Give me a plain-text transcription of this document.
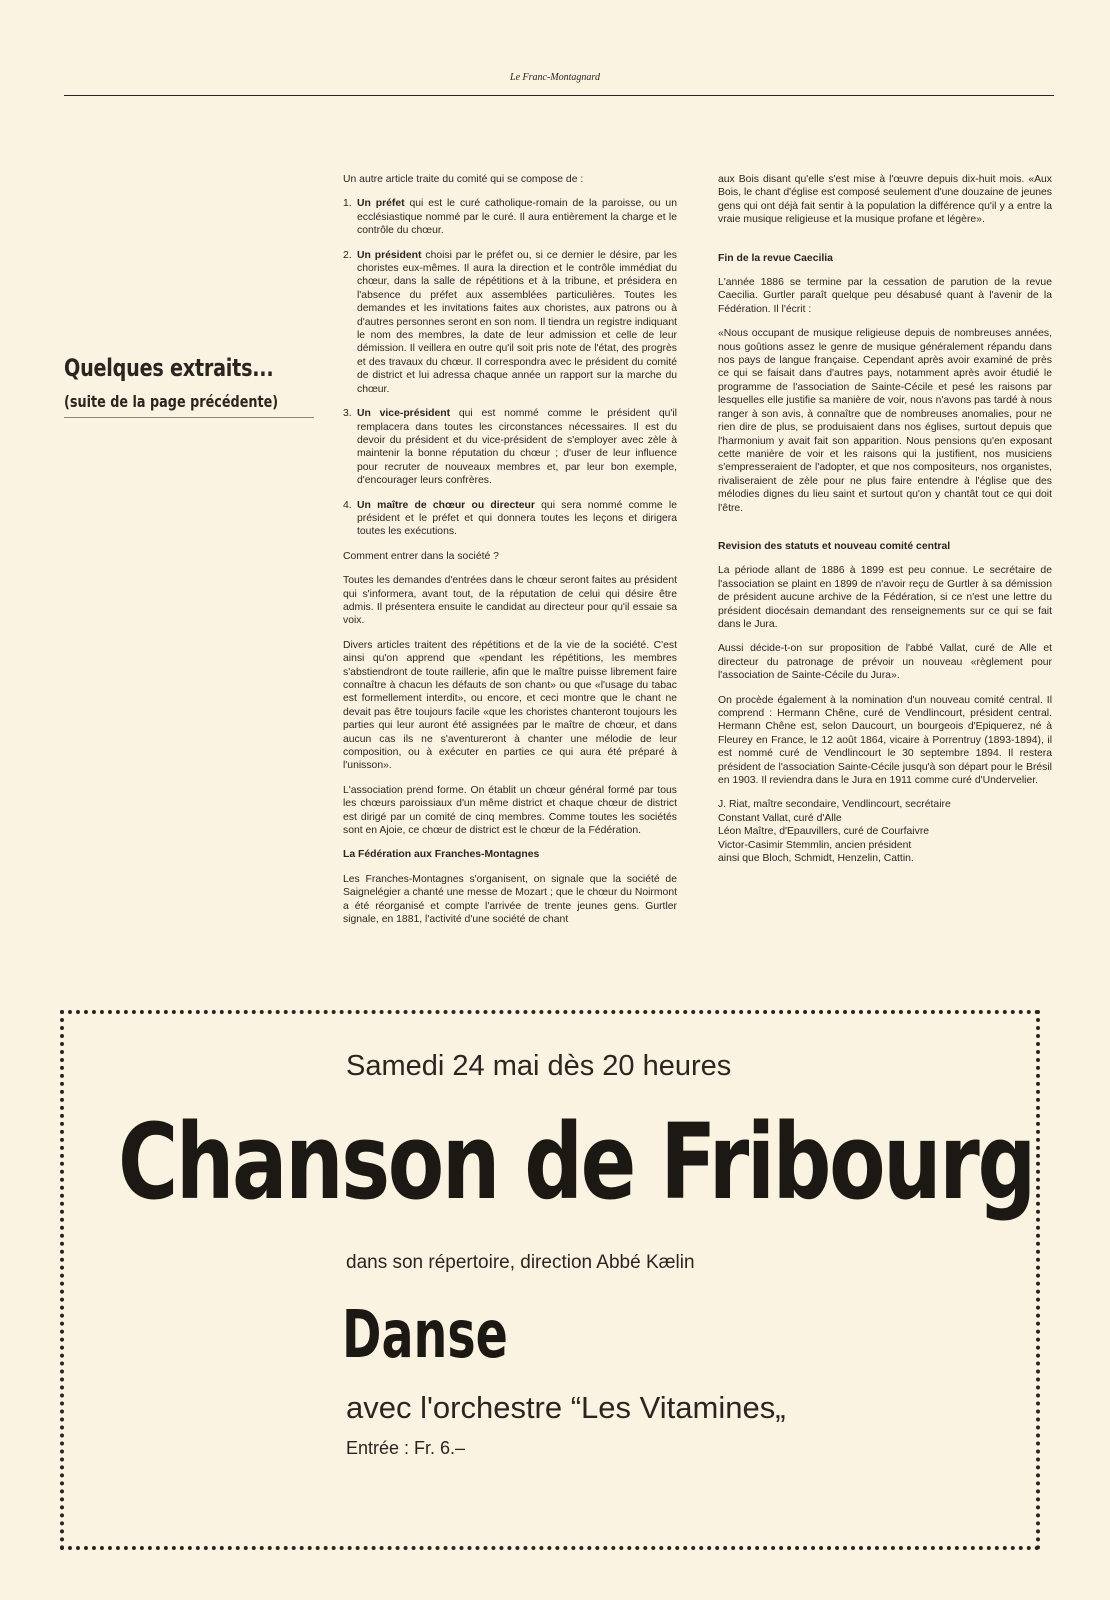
Le Franc-Montagnard
Quelques extraits...
(suite de la page précédente)

Un autre article traite du comité qui se compose de :

1. Un préfet qui est le curé catholique-romain de la paroisse, ou un ecclésiastique nommé par le curé. Il aura entièrement la charge et le contrôle du chœur.
2. Un président choisi par le préfet ou, si ce dernier le désire, par les choristes eux-mêmes. Il aura la direction et le contrôle immédiat du chœur, dans la salle de répétitions et à la tribune, et présidera en l'absence du préfet aux assemblées particulières. Toutes les demandes et les invitations faites aux choristes, aux patrons ou à d'autres personnes seront en son nom. Il tiendra un registre indiquant le nom des membres, la date de leur admission et celle de leur démission. Il veillera en outre qu'il soit pris note de l'état, des progrès et des travaux du chœur. Il correspondra avec le président du comité de district et lui adressa chaque année un rapport sur la marche du chœur.
3. Un vice-président qui est nommé comme le président qu'il remplacera dans toutes les circonstances nécessaires. Il est du devoir du président et du vice-président de s'employer avec zèle à maintenir la bonne réputation du chœur ; d'user de leur influence pour recruter de nouveaux membres et, par leur bon exemple, d'encourager leurs confrères.
4. Un maître de chœur ou directeur qui sera nommé comme le président et le préfet et qui donnera toutes les leçons et dirigera toutes les exécutions.

Comment entrer dans la société ?

Toutes les demandes d'entrées dans le chœur seront faites au président qui s'informera, avant tout, de la réputation de celui qui désire être admis. Il présentera ensuite le candidat au directeur pour qu'il essaie sa voix.

Divers articles traitent des répétitions et de la vie de la société. C'est ainsi qu'on apprend que «pendant les répétitions, les membres s'abstiendront de toute raillerie, afin que le maître puisse librement faire connaître à chacun les défauts de son chant» ou que «l'usage du tabac est formellement interdit», ou encore, et ceci montre que le chant ne devait pas être toujours facile «que les choristes chanteront toujours les parties qui leur auront été assignées par le maître de chœur, et dans aucun cas ils ne s'aventureront à chanter une mélodie de leur composition, ou à exécuter en parties ce qui aura été préparé à l'unisson».

L'association prend forme. On établit un chœur général formé par tous les chœurs paroissiaux d'un même district et chaque chœur de district est dirigé par un comité de cinq membres. Comme toutes les sociétés sont en Ajoie, ce chœur de district est le chœur de la Fédération.

La Fédération aux Franches-Montagnes

Les Franches-Montagnes s'organisent, on signale que la société de Saignelégier a chanté une messe de Mozart ; que le chœur du Noirmont a été réorganisé et compte l'arrivée de trente jeunes gens. Gurtler signale, en 1881, l'activité d'une société de chant

aux Bois disant qu'elle s'est mise à l'œuvre depuis dix-huit mois. «Aux Bois, le chant d'église est composé seulement d'une douzaine de jeunes gens qui ont déjà fait sentir à la population la différence qu'il y a entre la vraie musique religieuse et la musique profane et légère».

Fin de la revue Caecilia

L'année 1886 se termine par la cessation de parution de la revue Caecilia. Gurtler paraît quelque peu désabusé quant à l'avenir de la Fédération. Il l'écrit :

«Nous occupant de musique religieuse depuis de nombreuses années, nous goûtions assez le genre de musique généralement répandu dans nos pays de langue française. Cependant après avoir examiné de près ce qui se faisait dans d'autres pays, notamment après avoir étudié le programme de l'association de Sainte-Cécile et pesé les raisons par lesquelles elle justifie sa manière de voir, nous n'avons pas tardé à nous ranger à son avis, à connaître que de nombreuses anomalies, pour ne rien dire de plus, se produisaient dans nos églises, surtout depuis que l'harmonium y avait fait son apparition. Nous pensions qu'en exposant cette manière de voir et les raisons qui la justifient, nos musiciens s'empresseraient de l'adopter, et que nos compositeurs, nos organistes, rivaliseraient de zèle pour ne plus faire entendre à l'église que des mélodies dignes du lieu saint et surtout qu'on y chantât tout ce qui doit l'être.

Revision des statuts et nouveau comité central

La période allant de 1886 à 1899 est peu connue. Le secrétaire de l'association se plaint en 1899 de n'avoir reçu de Gurtler à sa démission de président aucune archive de la Fédération, si ce n'est une lettre du président diocésain demandant des renseignements sur ce qui se fait dans le Jura.

Aussi décide-t-on sur proposition de l'abbé Vallat, curé de Alle et directeur du patronage de prévoir un nouveau «règlement pour l'association de Sainte-Cécile du Jura».

On procède également à la nomination d'un nouveau comité central. Il comprend : Hermann Chêne, curé de Vendlincourt, président central. Hermann Chêne est, selon Daucourt, un bourgeois d'Epiquerez, né à Fleurey en France, le 12 août 1864, vicaire à Porrentruy (1893-1894), il est nommé curé de Vendlincourt le 30 septembre 1894. Il restera président de l'association Sainte-Cécile jusqu'à son départ pour le Brésil en 1903. Il reviendra dans le Jura en 1911 comme curé d'Undervelier.

J. Riat, maître secondaire, Vendlincourt, secrétaire
Constant Vallat, curé d'Alle
Léon Maître, d'Epauvillers, curé de Courfaivre
Victor-Casimir Stemmlin, ancien président
ainsi que Bloch, Schmidt, Henzelin, Cattin.
Samedi 24 mai dès 20 heures
Chanson de Fribourg
dans son répertoire, direction Abbé Kælin
Danse
avec l'orchestre “Les Vitamines„
Entrée : Fr. 6.–
